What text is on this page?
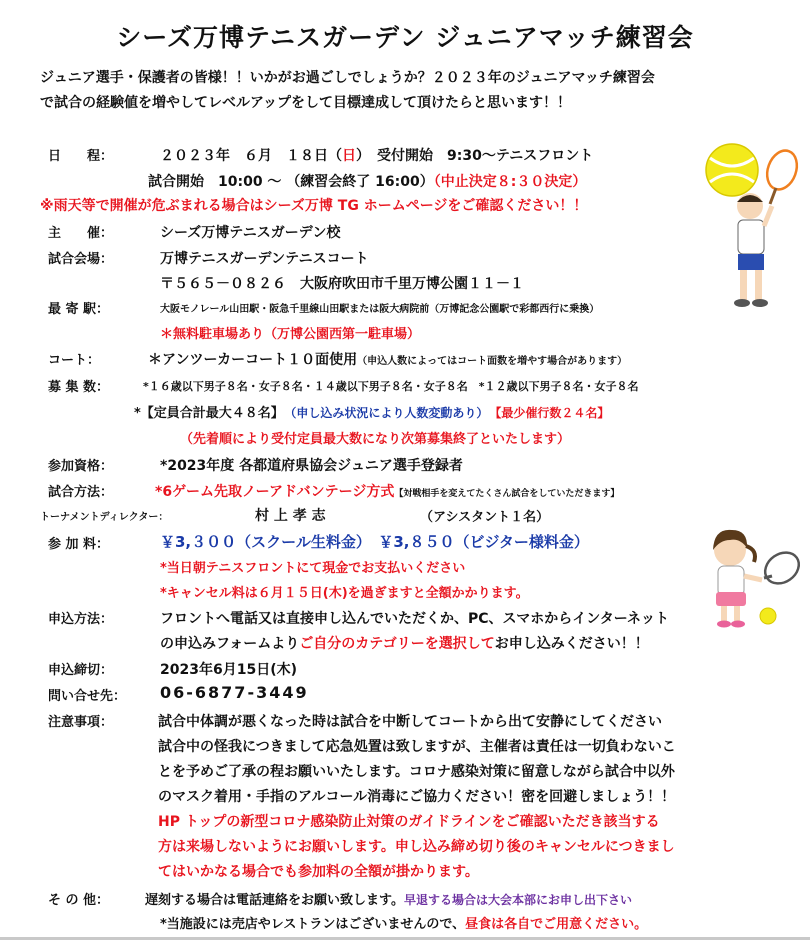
シーズ万博テニスガーデン ジュニアマッチ練習会
ジュニア選手・保護者の皆様！！いかがお過ごしでしょうか？２０２３年のジュニアマッチ練習会
で試合の経験値を増やしてレベルアップをして目標達成して頂けたらと思います！！
日　　程：	２０２３年　６月　１８日（日）　受付開始　9:30～テニスフロント
試合開始　10:00 ～ （練習会終了 16:00）（中止決定８:３０決定）
※雨天等で開催が危ぶまれる場合はシーズ万博 TG ホームページをご確認ください！！
主　　催：	シーズ万博テニスガーデン校
試合会場：	万博テニスガーデンテニスコート
〒５６５－０８２６　大阪府吹田市千里万博公園１１－１
最 寄 駅：	大阪モノレール山田駅・阪急千里線山田駅または阪大病院前（万博記念公園駅で彩都西行に乗換）
＊無料駐車場あり（万博公園西第一駐車場）
コート：	＊アンツーカーコート１０面使用（申込人数によってはコート面数を増やす場合があります）
募 集 数：	*１６歳以下男子８名・女子８名・１４歳以下男子８名・女子８名　*１２歳以下男子８名・女子８名
*【定員合計最大４８名】　 （申し込み状況により人数変動あり）　 【最少催行数２４名】
（先着順により受付定員最大数になり次第募集終了といたします）
参加資格：	*2023年度 各都道府県協会ジュニア選手登録者
試合方法：	*6ゲーム先取ノーアドバンテージ方式【対戦相手を変えてたくさん試合をしていただきます】
トーナメントディレクター：	村 上 孝 志	（アシスタント１名）
参 加 料：	￥3,３００（スクール生料金）　￥3,８５０（ビジター様料金）
*当日朝テニスフロントにて現金でお支払いください
*キャンセル料は６月１５日(木)を過ぎますと全額かかります。
申込方法：	フロントへ電話又は直接申し込んでいただくか、PC、スマホからインターネット
の申込みフォームよりご自分のカテゴリーを選択してお申し込みください！！
申込締切：	2023年6月15日(木)
問い合せ先： 06-6877-3449
注意事項：	試合中体調が悪くなった時は試合を中断してコートから出て安静にしてください
試合中の怪我につきまして応急処置は致しますが、主催者は責任は一切負わないこ
とを予めご了承の程お願いいたします。コロナ感染対策に留意しながら試合中以外
のマスク着用・手指のアルコール消毒にご協力ください！密を回避しましょう！！
HP トップの新型コロナ感染防止対策のガイドラインをご確認いただき該当する
方は来場しないようにお願いします。申し込み締め切り後のキャンセルにつきまし
てはいかなる場合でも参加料の全額が掛かります。
そ の 他：	遅刻する場合は電話連絡をお願い致します。早退する場合は大会本部にお申し出下さい
*当施設には売店やレストランはございませんので、昼食は各自でご用意ください。
